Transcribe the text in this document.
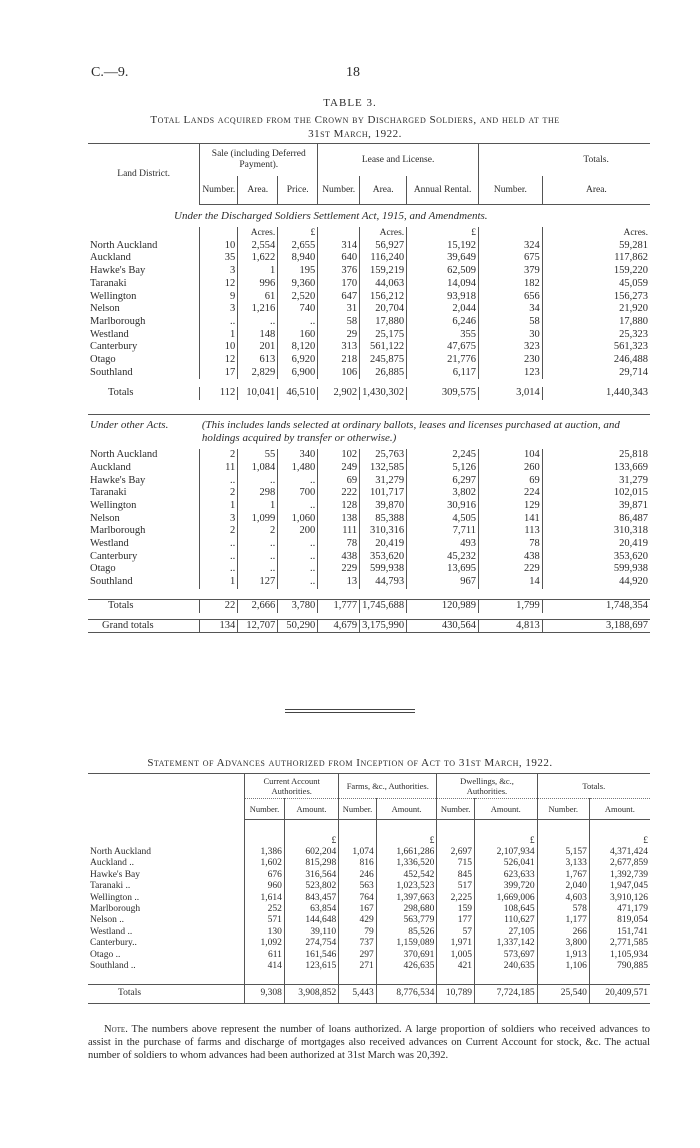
C.—9.	18
TABLE 3.
Total Lands acquired from the Crown by Discharged Soldiers, and held at the
31st March, 1922.
Land District.	Sale (including Deferred Payment).			Lease and License.				Totals.
	Number.	Area.	Price.	Number.	Area.	Annual Rental.	Number.	Area.
Under the Discharged Soldiers Settlement Act, 1915, and Amendments.								
		Acres.	£		Acres.	£		Acres.
North Auckland	10	2,554	2,655	314	56,927	15,192	324	59,281
Auckland	35	1,622	8,940	640	116,240	39,649	675	117,862
Hawke's Bay	3	1	195	376	159,219	62,509	379	159,220
Taranaki	12	996	9,360	170	44,063	14,094	182	45,059
Wellington	9	61	2,520	647	156,212	93,918	656	156,273
Nelson	3	1,216	740	31	20,704	2,044	34	21,920
Marlborough	..	..	..	58	17,880	6,246	58	17,880
Westland	1	148	160	29	25,175	355	30	25,323
Canterbury	10	201	8,120	313	561,122	47,675	323	561,323
Otago	12	613	6,920	218	245,875	21,776	230	246,488
Southland	17	2,829	6,900	106	26,885	6,117	123	29,714

Totals	112	10,041	46,510	2,902	1,430,302	309,575	3,014	1,440,343

Under other Acts.	(This includes lands selected at ordinary ballots, leases and licenses purchased at auction, and holdings acquired by transfer or otherwise.)							

North Auckland	2	55	340	102	25,763	2,245	104	25,818
Auckland	11	1,084	1,480	249	132,585	5,126	260	133,669
Hawke's Bay	..	..	..	69	31,279	6,297	69	31,279
Taranaki	2	298	700	222	101,717	3,802	224	102,015
Wellington	1	1	..	128	39,870	30,916	129	39,871
Nelson	3	1,099	1,060	138	85,388	4,505	141	86,487
Marlborough	2	2	200	111	310,316	7,711	113	310,318
Westland	..	..	..	78	20,419	493	78	20,419
Canterbury	..	..	..	438	353,620	45,232	438	353,620
Otago	..	..	..	229	599,938	13,695	229	599,938
Southland	1	127	..	13	44,793	967	14	44,920

Totals	22	2,666	3,780	1,777	1,745,688	120,989	1,799	1,748,354

Grand totals	134	12,707	50,290	4,679	3,175,990	430,564	4,813	3,188,697
Statement of Advances authorized from Inception of Act to 31st March, 1922.
	Current Account Authorities.		Farms, &c., Authorities.		Dwellings, &c., Authorities.		Totals.	
	Number.	Amount.	Number.	Amount.	Number.	Amount.	Number.	Amount.

		£		£		£		£
North Auckland	1,386	602,204	1,074	1,661,286	2,697	2,107,934	5,157	4,371,424
Auckland ..	1,602	815,298	816	1,336,520	715	526,041	3,133	2,677,859
Hawke's Bay	676	316,564	246	452,542	845	623,633	1,767	1,392,739
Taranaki ..	960	523,802	563	1,023,523	517	399,720	2,040	1,947,045
Wellington ..	1,614	843,457	764	1,397,663	2,225	1,669,006	4,603	3,910,126
Marlborough	252	63,854	167	298,680	159	108,645	578	471,179
Nelson ..	571	144,648	429	563,779	177	110,627	1,177	819,054
Westland ..	130	39,110	79	85,526	57	27,105	266	151,741
Canterbury..	1,092	274,754	737	1,159,089	1,971	1,337,142	3,800	2,771,585
Otago ..	611	161,546	297	370,691	1,005	573,697	1,913	1,105,934
Southland ..	414	123,615	271	426,635	421	240,635	1,106	790,885

Totals	9,308	3,908,852	5,443	8,776,534	10,789	7,724,185	25,540	20,409,571
Note. The numbers above represent the number of loans authorized. A large proportion of soldiers who received advances to assist in the purchase of farms and discharge of mortgages also received advances on Current Account for stock, &c. The actual number of soldiers to whom advances had been authorized at 31st March was 20,392.
